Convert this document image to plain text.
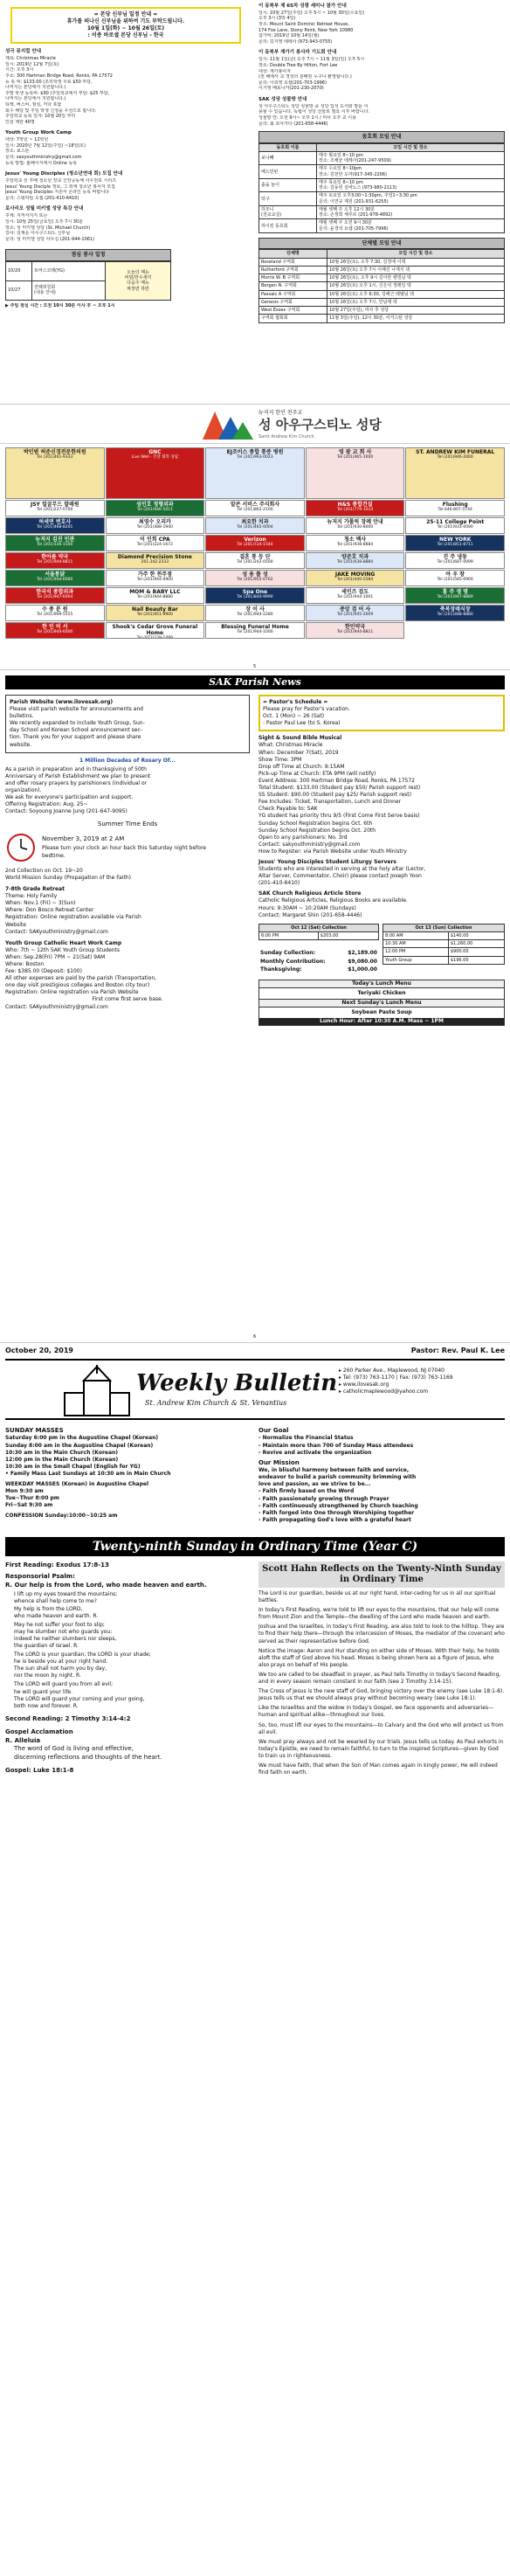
= 본당 신부님 일정 안내 =
휴가를 떠나신 신부님을 위하여 기도 부탁드립니다.
10월 1일(화) ~ 10월 26일(토)
: 이중 바로셀 본당 신부님 - 한국
성극 뮤지컬 안내
제목: Christmas Miracle
일시: 2019년 12월 7일(토)
시간: 오후 3시
주소: 300 Hartman Bridge Road, Ronks, PA 17572
등 록 비: $133.00 (조리학생 무료 $50 부담,
나머지는 본당에서 지원합니다.)
주말 학생 등록비: $90 (주일학교에서 부담: $25 부담,
나머지는 본당에서 지원합니다.)
티켓, 버스비, 점심, 저녁 포함
회수 해당 및 주일 학생 신청을 우선으로 합니다.
주일학교 등록 일자: 10월 20일 부터
인원 제한 40명
Youth Group Work Camp
대상: 7학년 ~ 12학년
일시: 2020년 7월 12일(주일) ~18일(토)
장소: 보스톤
문의: saxyouthministry@gmail.com
등록 방법: 홈페이지에서 Online 등록
Jesus' Young Disciples (청소년연대 회) 모집 안내
주일학교 선 후배 청소년 장교 신앙공동체 사우전로 시리즈
Jesus' Young Disciple 정보, 그 외에 청소년 봉사자 모집
Jesus' Young Disciples 지원서 온라인 등록 바랍니다
문의: 스윙하임 오셉 (201-410-6410)
로사리오 성월 미키엘 성당 특강 안내
주제: 지켜서지지 또는
일시: 10월 25일(금요일) 오후 7시 30분
장소: 성 미키엘 성당 (St. Michael Church)
강사: 김재운 아우구스티노 신부님
문의: 성 미키엘 성당 사무실 (201-944-1061)
점심 봉사 일정
10/20	토바스코레(YG)	오늘의 메뉴
비빔/한우새끼
다음주 메뉴
짜장면 하반
10/27	전례위원회
(내용 안내)	
▶ 주일 점심 시간 : 오전 10시 30분 이사 후 ~ 오후 1시
이 동북부 제 65차 성령 세미나 참가 안내
일시: 10월 27일(주일) 오후 5시 ~ 10월 30일(수요일)
오후 3시 (3박 4일)
장소: Mount Saint Dominic Retreat House,
174 Fox Lane, Stony Point, New York 10980
참가비: 2019년 10월 14일(월)
문의: 김지영 테레사 (973-943-0755)
이 동북부 재가기 봉사자 기도회 안내
일시: 11월 1일(금) 오후 7시 ~ 11월 3일(일) 오후 5시
장소: Double Tree By Hilton, Fort Lee
대상: 재가봉사자
(전 해에서 교 경성의 분배된 누구나 환영합니다.)
문의: 이희영 요셉(201-703-1996)
이기영 베로니카(201-230-2070)
SAK 성당 성물방 안내
성 아우구스티노 성당 성물방 중 성당 입석 도서와 방문 이
용할 수 있습니다. 독립이 성당 선물로 필요 이후 바랍니다.
성물방 안: 오전 9시~ 오후 1시 / 미사 오후 교 이용
문의: 최 호아가다 (201-658-4446)
동호회 모임 안내
동호회 이름	모임 시간 및 장소
보니빼	매주 월요일 8~10 pm
장소: 조채균 테레사(201-247-9509)
배드민턴	매주 수요일 8~10pm
장소: 김천란 도마(917-345-2206)
출을 놀이	매주 목요일 8~10 pm
장소: 김동빈 실바노스 (973-980-2113)
탁구	매주 토요일 오후3:00~1:30pm, 주일1~3:30 pm
문의: 이연규 제원 (201-931-6255)
하모니
(전교교실)	매월 셋째 주 오후 12시 30분
장소: 손정희 체무르 (201-978-4892)
하이킹 동호회	매월 셋째 주 오전 9시 30분
문의: 윤경석 요셉 (201-705-7996)
단체별 모임 안내
단체명	모임 시간 및 장소
Roseland 구역회	10월 26일(토), 오후 7:30, 김정애 이댁
Rutherford 구역회	10월 26일(토) 오후 7시 이해진 나재식 댁
Morris W. B 구역회	10월 26일(토), 오후 9시 김이란 렌넬님 댁
Bergen N. 구역회	10월 26일(토) 오후 1시, 신은석 정래일 댁
Passaic A 구역회	10월 26일(토) 오후 6:30, 김해근 레텔님 댁
Genesis 구역회	10월 26일(토) 오후 7시, 안남제 댁
West Essex 구역회	10월 27일(주일), 미사 후 성당
구역회 협회회	11월 3일(주일), 12시 30분, 어거스틴 성당
뉴저지 한인 천주교
성 아우구스티노 성당
Saint Andrew Kim Church
박인범 허준신경전문한의원
Tel (201)461-9333
GNC
Live Well · 건강 회복 상담
EJ조이스 종합 통증 병원
Tel (201)963-0023
영 광 교 회 사
Tel (201)465-1000
ST. ANDREW KIM FUNERAL
Tel (201)946-2000
JSY 얼굴무드 발레원
Tel (201)227-0700
성민호 정형외과
Tel (201)946-5011
알콘 서비스 주식회사
Tel (201)862-2100
H&S 종합건설
Tel (201)779-1014
Flushing
Tel 646-807-5744
허세연 변호사
Tel (201)468-8201
최영수 오리카
Tel (201)488-1940
최요한 치과
Tel (201)465-0004
뉴저지 가톨릭 장례 안내
Tel (201)930-8000
25-11 College Point
Tel (201)931-0090
뉴저지 김진 인관
Tel (201)336-1500
이 인희 CPA
Tel (201)224-1672
Verizon
Tel (201)724-1544
청소 백사
Tel (201)938-8884
NEW YORK
Tel (201)851-8711
한아름 약국
Tel (201)944-8811
Diamond Precision Stone
201.342.2333
결혼 통 등 단
Tel (201)242-0500
양준호 치과
Tel (201)638-8884
진 주 냉동
Tel (201)687-0099
서울통닭
Tel (201)944-6060
가주 한 천주점
Tel (201)944-0900
성 용 플 성
Tel (201)955-0762
JAKE MOVING
Tel (201)440-5584
아 우 창
Tel (201)585-0900
한국식 종합외과
Tel (201)947-6064
MOM & BABY LLC
Tel (201)944-8880
Spa One
Tel (201)840-9990
세인즈 검도
Tel (201)944-1001
홍 주 생 명
Tel (201)947-8889
수 종 분 원
Tel (201)969-5555
Nail Beauty Bar
Tel (201)951-9900
장 이 사
Tel (201)944-2280
중앙 검 어 사
Tel (201)945-2009
축복장례식장
Tel (201)488-8880
한 인 비 서
Tel (201)944-6000
Shook's Cedar Grove Funeral Home
Tel (973)239-1489
Blessing Funeral Home
Tel (201)944-1000
한인약국
Tel (201)944-8811
5
SAK Parish News
Parish Website (www.ilovesak.org)
Please visit parish website for announcements and
bulletins.
We recently expanded to include Youth Group, Sun-
day School and Korean School announcement sec-
tion. Thank you for your support and please share
website.
1 Million Decades of Rosary Of...
As a parish in preparation and in thanksgiving of 50th
Anniversary of Parish Establishment we plan to present
and offer rosary prayers by parishioners (individual or
organization).
We ask for everyone's participation and support.
Offering Registration: Aug. 25~
Contact: Soyoung Joanne Jung (201-647-9095)
Summer Time Ends
November 3, 2019 at 2 AM
Please turn your clock an hour back this Saturday night before bedtime.
2nd Collection on Oct. 19~20
World Mission Sunday (Propagation of the Faith)
7-8th Grade Retreat
Theme: Holy Family
When: Nov.1 (Fri) ~ 3(Sun)
Where: Don Bosco Retreat Center
Registration: Online registration available via Parish
Website
Contact: SAKyouthministry@gmail.com
Youth Group Catholic Heart Work Camp
Who: 7th ~ 12th SAK Youth Group Students
When: Sep.28(Fri) 7PM ~ 21(Sat) 9AM
Where: Boston
Fee: $385.00 (Deposit: $100)
All other expenses are paid by the parish (Transportation,
one day visit prestigious colleges and Boston city tour)
Registration: Online registration via Parish Website
First come first serve base.
Contact: SAKyouthministry@gmail.com
= Pastor's Schedule =
Please pray for Pastor's vacation.
Oct. 1 (Mon) ~ 26 (Sat)
: Pastor Paul Lee (to S. Korea)
Sight & Sound Bible Musical
What: Christmas Miracle
When: December 7(Sat), 2019
Show Time: 3PM
Drop off Time at Church: 9:15AM
Pick-up Time at Church: ETA 9PM (will notify)
Event Address: 300 Hartman Bridge Road, Ronks, PA 17572
Total Student: $133.00 (Student pay $50/ Parish support rest)
SS Student: $90.00 (Student pay $25/ Parish support rest)
Fee Includes: Ticket, Transportation, Lunch and Dinner
Check Payable to: SAK
YG student has priority thru 9/5 (First Come First Serve basis)
Sunday School Registration begins Oct. 6th
Sunday School Registration begins Oct. 20th
Open to any parishioners: No. 3rd
Contact: sakyouthministry@gmail.com
How to Register: via Parish Website under Youth Ministry
Jesus' Young Disciples Student Liturgy Servers
Students who are interested in serving at the holy altar (Lector,
Altar Server, Commentator, Choir) please contact Joseph Yoon
(201-410-6410)
SAK Church Religious Article Store
Catholic Religious Articles, Religious Books are available.
Hours: 9:30AM ~ 10:20AM (Sundays)
Contact: Margaret Shin (201-658-4446)
Oct 12 (Sat) Collection
6:00 PM	$203.00
Sunday Collection:	$2,189.00
Monthly Contribution:	$9,080.00
Thanksgiving:	$1,000.00
Oct 13 (Sun) Collection	
8:00 AM	$140.00
10:30 AM	$1,260.00
12:00 PM	$900.00
Youth Group	$196.00
Today's Lunch Menu
Teriyaki Chicken
Next Sunday's Lunch Menu
Soybean Paste Soup
Lunch Hour: After 10:30 A.M. Mass ~ 1PM
6
October 20, 2019	Pastor: Rev. Paul K. Lee
Weekly Bulletin
St. Andrew Kim Church & St. Venantius
▸ 260 Parker Ave., Maplewood, NJ 07040
▸ Tel: (973) 763-1170 | Fax: (973) 763-1169
▸ www.ilovesak.org
▸ catholicmaplewood@yahoo.com
SUNDAY MASSES
Saturday 6:00 pm in the Augustine Chapel (Korean)
Sunday 8:00 am in the Augustine Chapel (Korean)
10:30 am in the Main Church (Korean)
12:00 pm in the Main Church (Korean)
10:30 am in the Small Chapel (English for YG)
• Family Mass Last Sundays at 10:30 am in Main Church
WEEKDAY MASSES (Korean) in Augustine Chapel
Mon 9:30 am
Tue~Thur 8:00 pm
Fri~Sat 9:30 am
CONFESSION Sunday:10:00~10:25 am
Our Goal
- Normalize the Financial Status
- Maintain more than 700 of Sunday Mass attendees
- Revive and activate the organization
Our Mission
We, in blissful harmony between faith and service,
endeavor to build a parish community brimming with
love and passion, as we strive to be...
- Faith firmly based on the Word
- Faith passionately growing through Prayer
- Faith continuously strengthened by Church teaching
- Faith forged into One through Worshiping together
- Faith propagating God's love with a grateful heart
Twenty-ninth Sunday in Ordinary Time (Year C)
First Reading: Exodus 17:8-13
Responsorial Psalm:
R. Our help is from the Lord, who made heaven and earth.
I lift up my eyes toward the mountains;
whence shall help come to me?
My help is from the LORD,
who made heaven and earth. R.
May he not suffer your foot to slip;
may he slumber not who guards you:
indeed he neither slumbers nor sleeps,
the guardian of Israel. R.
The LORD is your guardian; the LORD is your shade;
he is beside you at your right hand.
The sun shall not harm you by day,
nor the moon by night. R.
The LORD will guard you from all evil;
he will guard your life.
The LORD will guard your coming and your going,
both now and forever. R.
Second Reading: 2 Timothy 3:14-4:2
Gospel Acclamation
R. Alleluia
The word of God is living and effective,
discerning reflections and thoughts of the heart.
Gospel: Luke 18:1-8
Scott Hahn Reflects on the Twenty-Ninth Sunday in Ordinary Time
The Lord is our guardian, beside us at our right hand, inter-ceding for us in all our spiritual battles.
In today's First Reading, we're told to lift our eyes to the mountains, that our help will come from Mount Zion and the Temple—the dwelling of the Lord who made heaven and earth.
Joshua and the Israelites, in today's First Reading, are also told to look to the hilltop. They are to find their help there—through the intercession of Moses, the mediator of the covenant who served as their representative before God.
Notice the image: Aaron and Hur standing on either side of Moses. With their help, he holds aloft the staff of God above his head. Moses is being shown here as a figure of Jesus, who also prays on behalf of His people.
We too are called to be steadfast in prayer, as Paul tells Timothy in today's Second Reading, and in every season remain constant in our faith (see 2 Timothy 3:14-15).
The Cross of Jesus is the new staff of God, bringing victory over the enemy (see Luke 18:1-8). Jesus tells us that we should always pray without becoming weary (see Luke 18:1).
Like the Israelites and the widow in today's Gospel, we face opponents and adversaries—human and spiritual alike—throughout our lives.
So, too, must lift our eyes to the mountains—to Calvary and the God who will protect us from all evil.
We must pray always and not be wearied by our trials. Jesus tells us today. As Paul exhorts in today's Epistle, we need to remain faithful, to turn to the inspired Scriptures—given by God to train us in righteousness.
We must have faith, that when the Son of Man comes again in kingly power, He will indeed find faith on earth.
